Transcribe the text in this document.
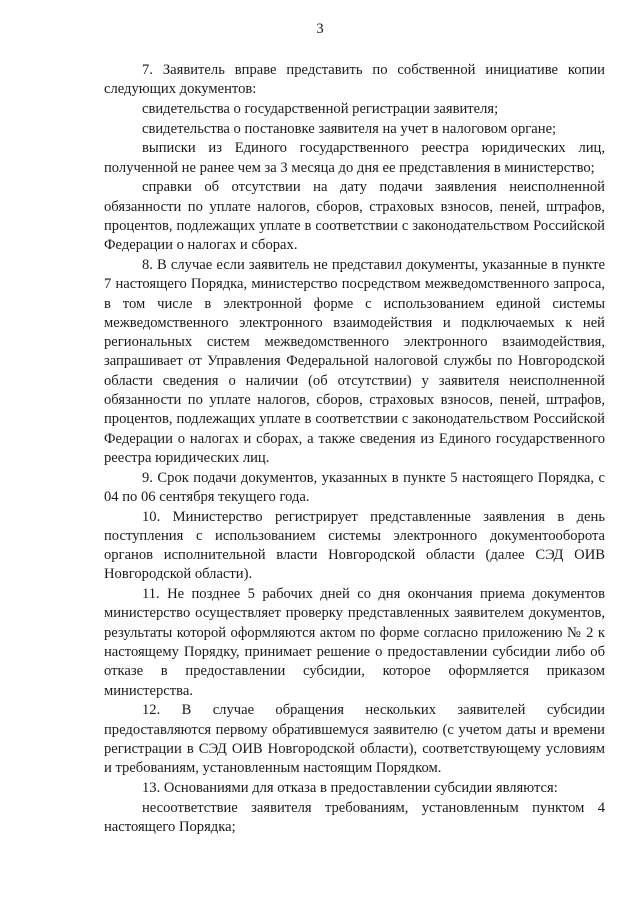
3

7. Заявитель вправе представить по собственной инициативе копии следующих документов:

свидетельства о государственной регистрации заявителя;

свидетельства о постановке заявителя на учет в налоговом органе;

выписки из Единого государственного реестра юридических лиц, полученной не ранее чем за 3 месяца до дня ее представления в министерство;

справки об отсутствии на дату подачи заявления неисполненной обязанности по уплате налогов, сборов, страховых взносов, пеней, штрафов, процентов, подлежащих уплате в соответствии с законодательством Российской Федерации о налогах и сборах.

8. В случае если заявитель не представил документы, указанные в пункте 7 настоящего Порядка, министерство посредством межведомственного запроса, в том числе в электронной форме с использованием единой системы межведомственного электронного взаимодействия и подключаемых к ней региональных систем межведомственного электронного взаимодействия, запрашивает от Управления Федеральной налоговой службы по Новгородской области сведения о наличии (об отсутствии) у заявителя неисполненной обязанности по уплате налогов, сборов, страховых взносов, пеней, штрафов, процентов, подлежащих уплате в соответствии с законодательством Российской Федерации о налогах и сборах, а также сведения из Единого государственного реестра юридических лиц.

9. Срок подачи документов, указанных в пункте 5 настоящего Порядка, с 04 по 06 сентября текущего года.

10. Министерство регистрирует представленные заявления в день поступления с использованием системы электронного документооборота органов исполнительной власти Новгородской области (далее СЭД ОИВ Новгородской области).

11. Не позднее 5 рабочих дней со дня окончания приема документов министерство осуществляет проверку представленных заявителем документов, результаты которой оформляются актом по форме согласно приложению № 2 к настоящему Порядку, принимает решение о предоставлении субсидии либо об отказе в предоставлении субсидии, которое оформляется приказом министерства.

12. В случае обращения нескольких заявителей субсидии предоставляются первому обратившемуся заявителю (с учетом даты и времени регистрации в СЭД ОИВ Новгородской области), соответствующему условиям и требованиям, установленным настоящим Порядком.

13. Основаниями для отказа в предоставлении субсидии являются:

несоответствие заявителя требованиям, установленным пунктом 4 настоящего Порядка;
